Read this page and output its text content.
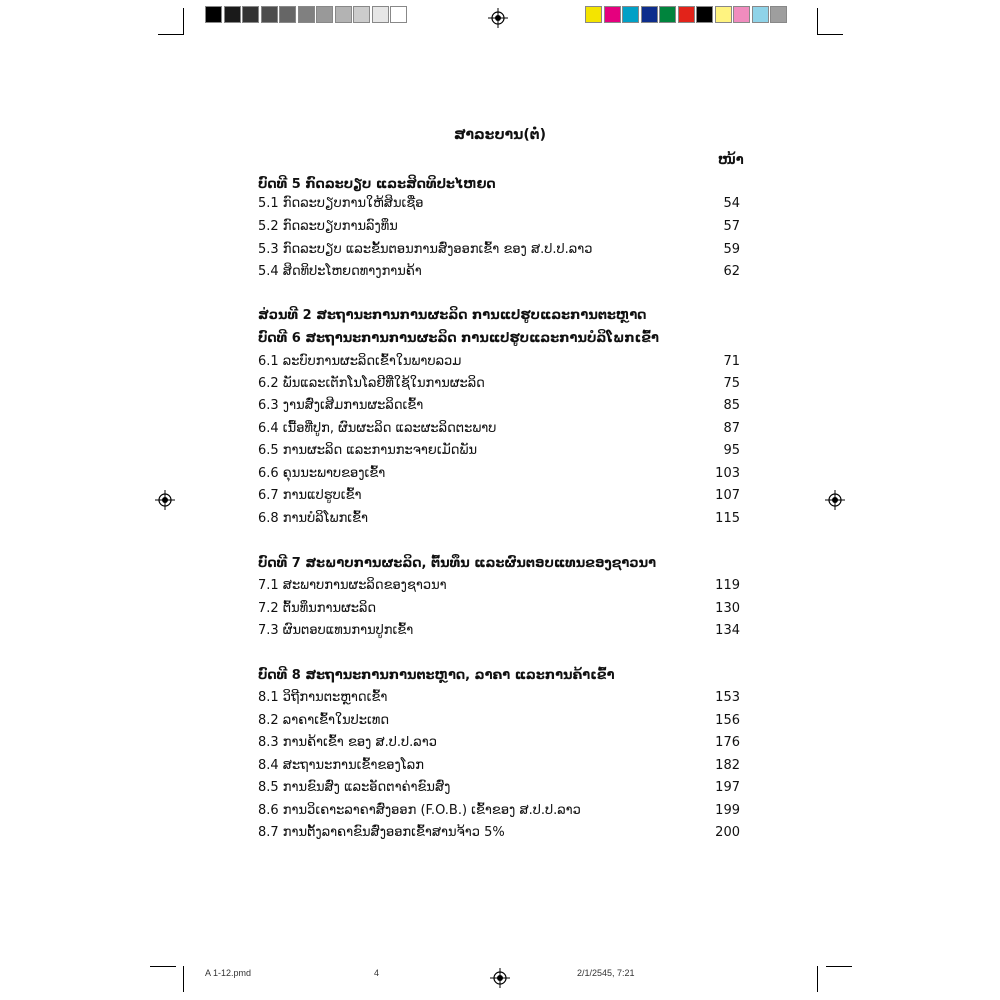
ສາລະບານ(ຕໍ່)
ໜ້າ
ບົດທີ 5 ກົດລະບຽບ ແລະສິດທິປະໄຫຍດ
5.1 ກົດລະບຽບການໃຫ້ສິນເຊື່ອ	54
5.2 ກົດລະບຽບການລົງທຶນ	57
5.3 ກົດລະບຽບ ແລະຂັ້ນຕອນການສົ່ງອອກເຂົ້າ ຂອງ ສ.ປ.ປ.ລາວ	59
5.4 ສິດທິປະໂຫຍດທາງການຄ້າ	62
ສ່ວນທີ 2 ສະຖານະການການຜະລິດ ການແປຮູບແລະການຕະຫຼາດ
ບົດທີ 6 ສະຖານະການການຜະລິດ ການແປຮູບແລະການບໍລິໂພກເຂົ້າ
6.1 ລະບົບການຜະລິດເຂົ້າໃນພາບລວມ	71
6.2 ພັນແລະເຕັກໂນໂລຢີທີ່ໃຊ້ໃນການຜະລິດ	75
6.3 ງານສົ່ງເສີມການຜະລິດເຂົ້າ	85
6.4 ເນື້ອທີ່ປູກ, ຜົນຜະລິດ ແລະຜະລິດຕະພາບ	87
6.5 ການຜະລິດ ແລະການກະຈາຍເມັດພັນ	95
6.6 ຄຸນນະພາບຂອງເຂົ້າ	103
6.7 ການແປຮູບເຂົ້າ	107
6.8 ການບໍລິໂພກເຂົ້າ	115
ບົດທີ 7 ສະພາບການຜະລິດ, ຕົ້ນທຶນ ແລະຜົນຕອບແທນຂອງຊາວນາ
7.1 ສະພາບການຜະລິດຂອງຊາວນາ	119
7.2 ຕົ້ນທຶນການຜະລິດ	130
7.3 ຜົນຕອບແທນການປູກເຂົ້າ	134
ບົດທີ 8 ສະຖານະການການຕະຫຼາດ, ລາຄາ ແລະການຄ້າເຂົ້າ
8.1 ວິຖີການຕະຫຼາດເຂົ້າ	153
8.2 ລາຄາເຂົ້າໃນປະເທດ	156
8.3 ການຄ້າເຂົ້າ ຂອງ ສ.ປ.ປ.ລາວ	176
8.4 ສະຖານະການເຂົ້າຂອງໂລກ	182
8.5 ການຂົນສົ່ງ ແລະອັດຕາຄ່າຂົນສົ່ງ	197
8.6 ການວິເຄາະລາຄາສົ່ງອອກ (F.O.B.) ເຂົ້າຂອງ ສ.ປ.ປ.ລາວ	199
8.7 ການຕັ້ງລາຄາຂົນສົ່ງອອກເຂົ້າສານຈ້າວ 5%	200
A 1-12.pmd	4	2/1/2545, 7:21
